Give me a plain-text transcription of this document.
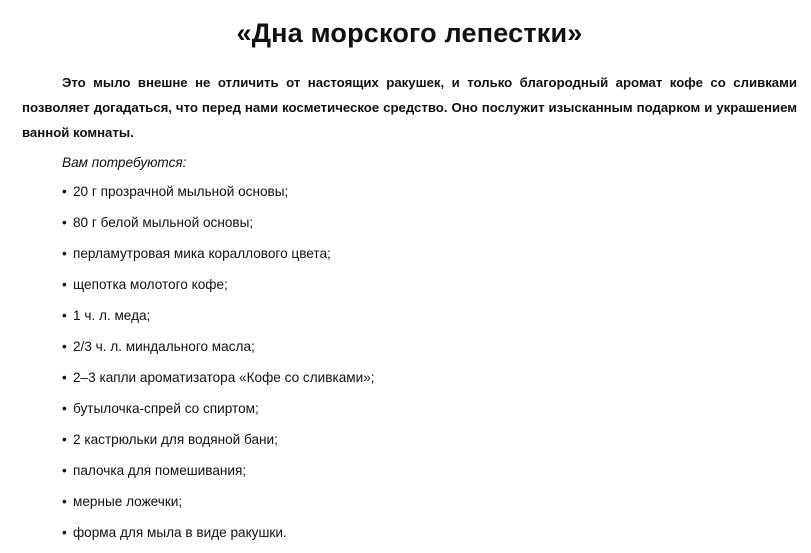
«Дна морского лепестки»

Это мыло внешне не отличить от настоящих ракушек, и только благородный аромат кофе со сливками позволяет догадаться, что перед нами косметическое средство. Оно послужит изысканным подарком и украшением ванной комнаты.

Вам потребуются:
• 20 г прозрачной мыльной основы;
• 80 г белой мыльной основы;
• перламутровая мика кораллового цвета;
• щепотка молотого кофе;
• 1 ч. л. меда;
• 2/3 ч. л. миндального масла;
• 2–3 капли ароматизатора «Кофе со сливками»;
• бутылочка-спрей со спиртом;
• 2 кастрюльки для водяной бани;
• палочка для помешивания;
• мерные ложечки;
• форма для мыла в виде ракушки.
